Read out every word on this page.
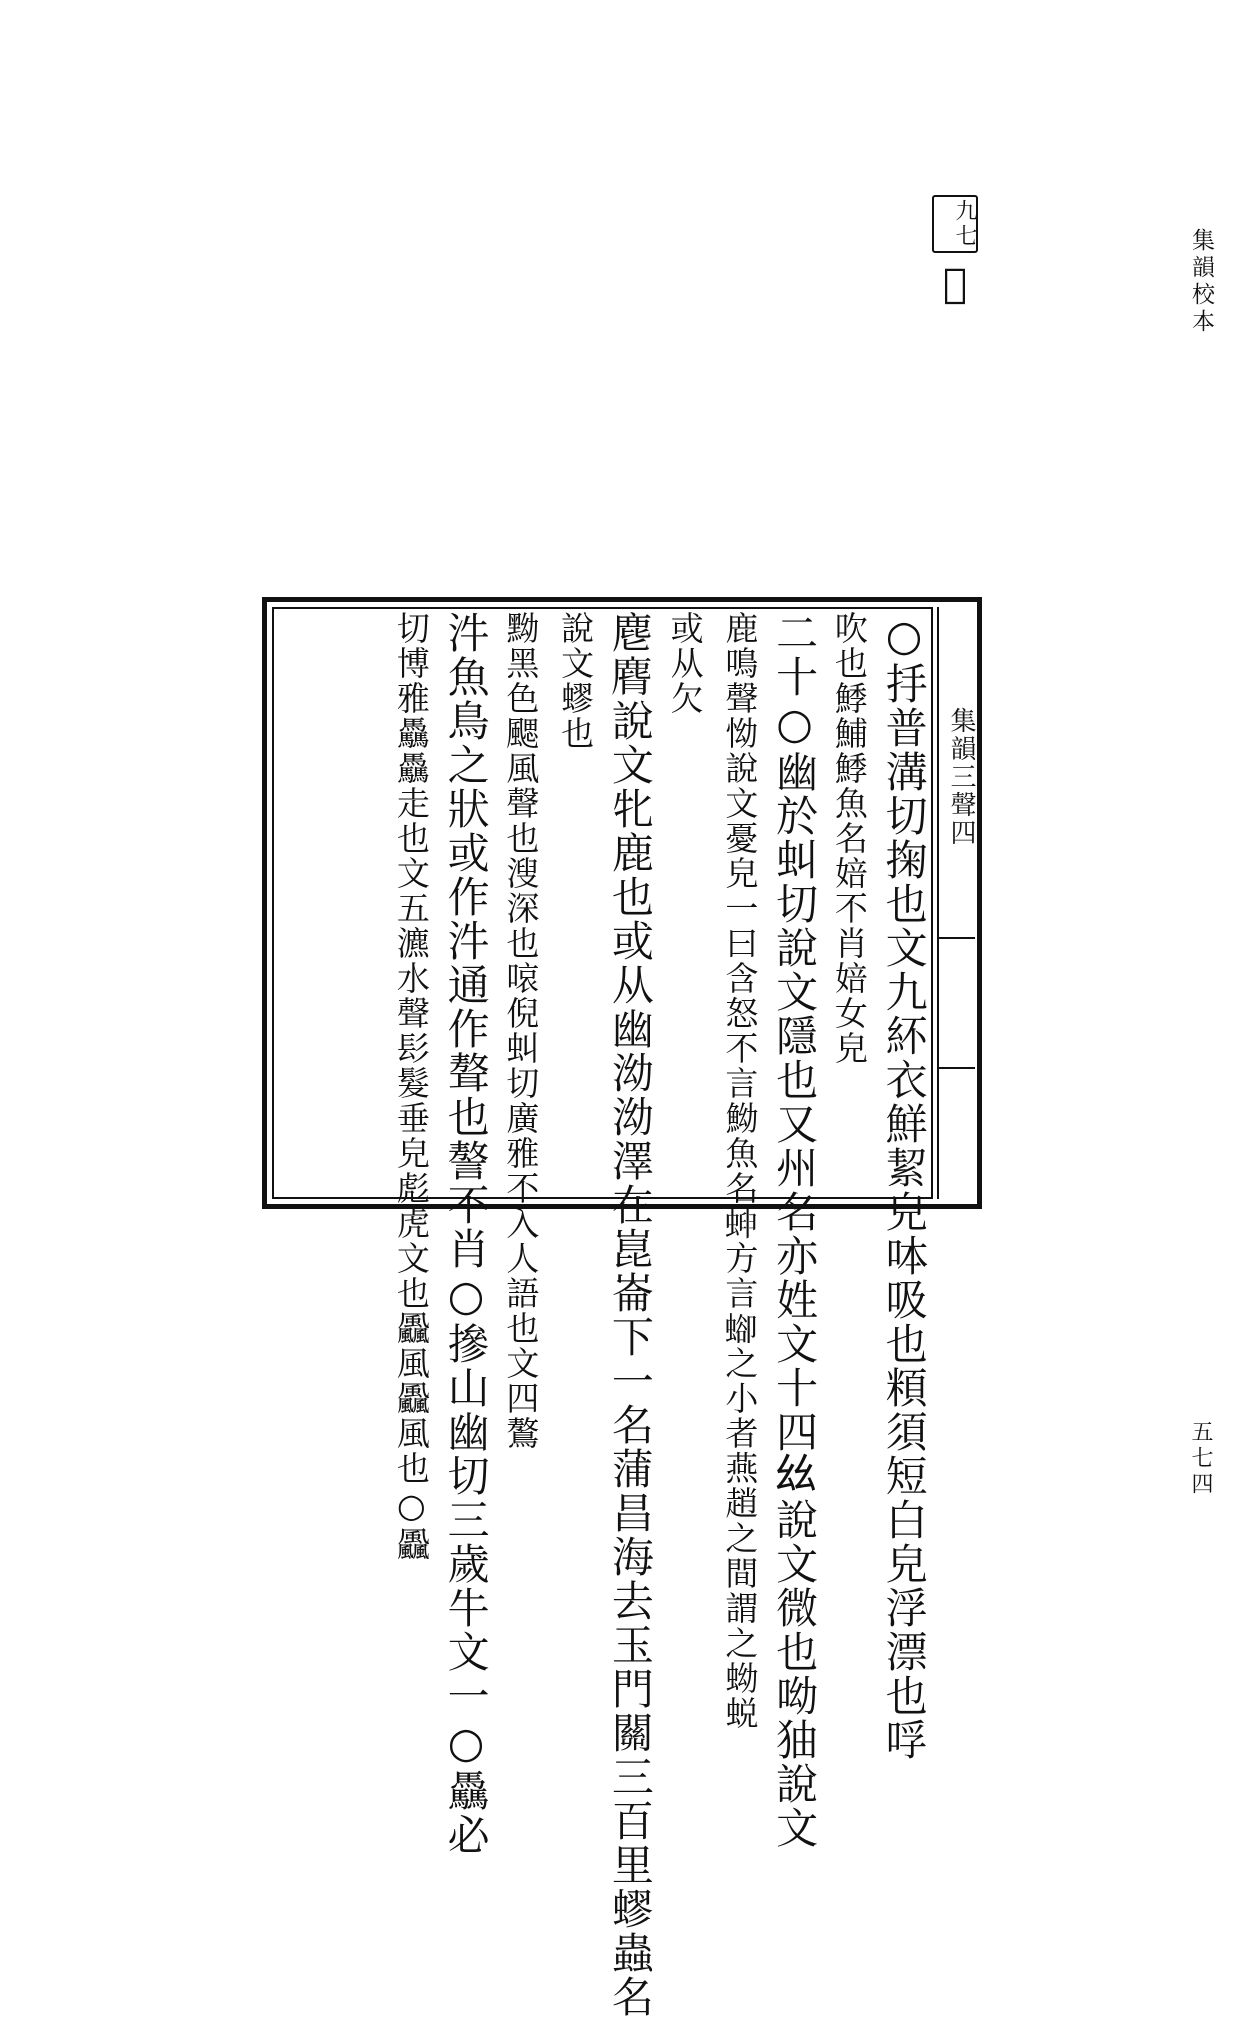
集韻校本
五七四
九七
𩒨
集韻三聲四
○抙普溝切掬也文九紑衣鮮絜皃呠吸也頪須短白皃浮漂也哹
吹也鯚鯆鯚魚名婄不肖婄女皃
二十○幽於虯切說文隱也又州名亦姓文十四𢆶說文微也呦㹨說文
鹿鳴聲怮說文憂皃一曰含怒不言䱂魚名𧌫方言𧍕之小者燕趙之間謂之蚴蜕
或从欠
麀𪊒說文牝鹿也或从幽泑泑澤在崑崙下一名蒲昌海去玉門關三百里蟉蟲名
說文蟉也
黝黑色颸風聲也溲深也㗒倪虯切廣雅不入人語也文四鷔
汼魚鳥之狀或作汼通作聱也謷不肖○摻山幽切三歲牛文一○驫必
切博雅驫驫走也文五瀌水聲髟髮垂皃彪虎文也飍風飍風也○飍
